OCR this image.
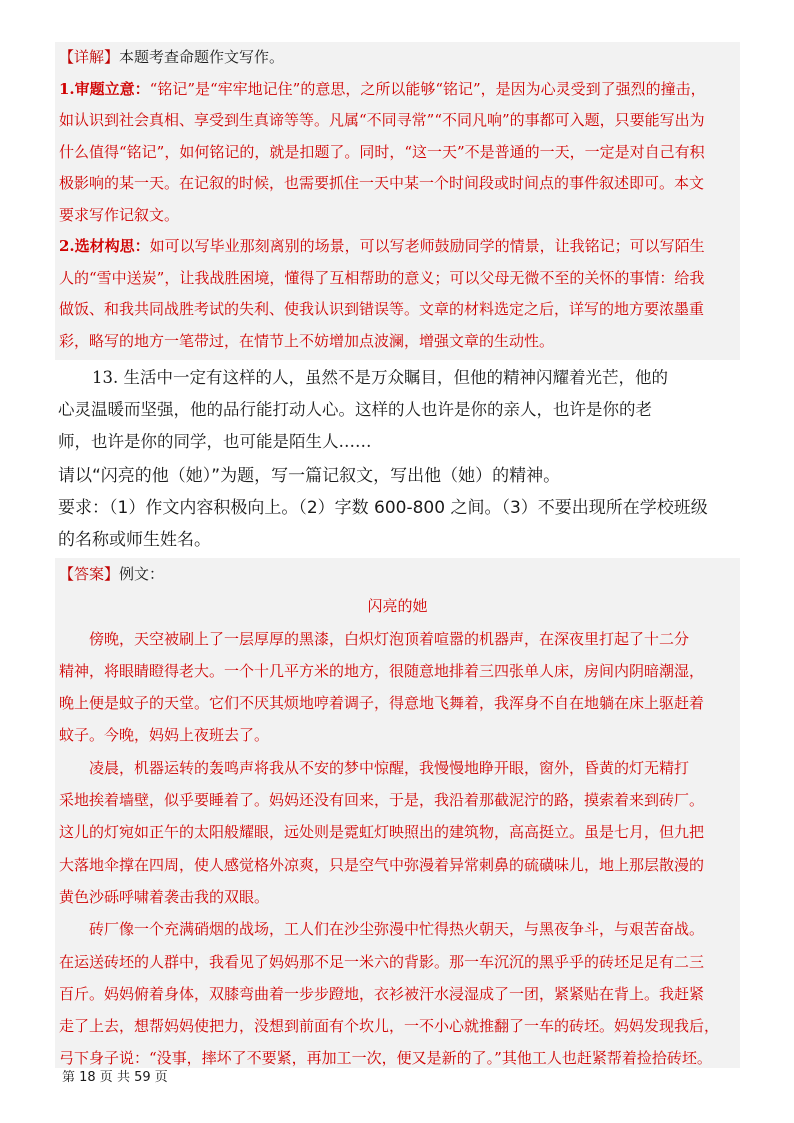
【详解】本题考查命题作文写作。
1.审题立意：“铭记”是“牢牢地记住”的意思，之所以能够“铭记”，是因为心灵受到了强烈的撞击，
如认识到社会真相、享受到生真谛等等。凡属“不同寻常”“不同凡响”的事都可入题，只要能写出为
什么值得“铭记”，如何铭记的，就是扣题了。同时，“这一天”不是普通的一天，一定是对自己有积
极影响的某一天。在记叙的时候，也需要抓住一天中某一个时间段或时间点的事件叙述即可。本文
要求写作记叙文。
2.选材构思：如可以写毕业那刻离别的场景，可以写老师鼓励同学的情景，让我铭记；可以写陌生
人的“雪中送炭”，让我战胜困境，懂得了互相帮助的意义；可以父母无微不至的关怀的事情：给我
做饭、和我共同战胜考试的失利、使我认识到错误等。文章的材料选定之后，详写的地方要浓墨重
彩，略写的地方一笔带过，在情节上不妨增加点波澜，增强文章的生动性。
13. 生活中一定有这样的人，虽然不是万众瞩目，但他的精神闪耀着光芒，他的
心灵温暖而坚强，他的品行能打动人心。这样的人也许是你的亲人，也许是你的老
师，也许是你的同学，也可能是陌生人……
请以“闪亮的他（她）”为题，写一篇记叙文，写出他（她）的精神。
要求：（1）作文内容积极向上。（2）字数 600-800 之间。（3）不要出现所在学校班级
的名称或师生姓名。
【答案】例文：
闪亮的她
傍晚，天空被刷上了一层厚厚的黑漆，白炽灯泡顶着喧嚣的机器声，在深夜里打起了十二分
精神，将眼睛瞪得老大。一个十几平方米的地方，很随意地排着三四张单人床，房间内阴暗潮湿，
晚上便是蚊子的天堂。它们不厌其烦地哼着调子，得意地飞舞着，我浑身不自在地躺在床上驱赶着
蚊子。今晚，妈妈上夜班去了。
凌晨，机器运转的轰鸣声将我从不安的梦中惊醒，我慢慢地睁开眼，窗外，昏黄的灯无精打
采地挨着墙壁，似乎要睡着了。妈妈还没有回来，于是，我沿着那截泥泞的路，摸索着来到砖厂。
这儿的灯宛如正午的太阳般耀眼，远处则是霓虹灯映照出的建筑物，高高挺立。虽是七月，但九把
大落地伞撑在四周，使人感觉格外凉爽，只是空气中弥漫着异常刺鼻的硫磺味儿，地上那层散漫的
黄色沙砾呼啸着袭击我的双眼。
砖厂像一个充满硝烟的战场，工人们在沙尘弥漫中忙得热火朝天，与黑夜争斗，与艰苦奋战。
在运送砖坯的人群中，我看见了妈妈那不足一米六的背影。那一车沉沉的黑乎乎的砖坯足足有二三
百斤。妈妈俯着身体，双膝弯曲着一步步蹬地，衣衫被汗水浸湿成了一团，紧紧贴在背上。我赶紧
走了上去，想帮妈妈使把力，没想到前面有个坎儿，一不小心就推翻了一车的砖坯。妈妈发现我后，
弓下身子说：“没事，摔坏了不要紧，再加工一次，便又是新的了。”其他工人也赶紧帮着捡拾砖坯。
第 18 页 共 59 页
